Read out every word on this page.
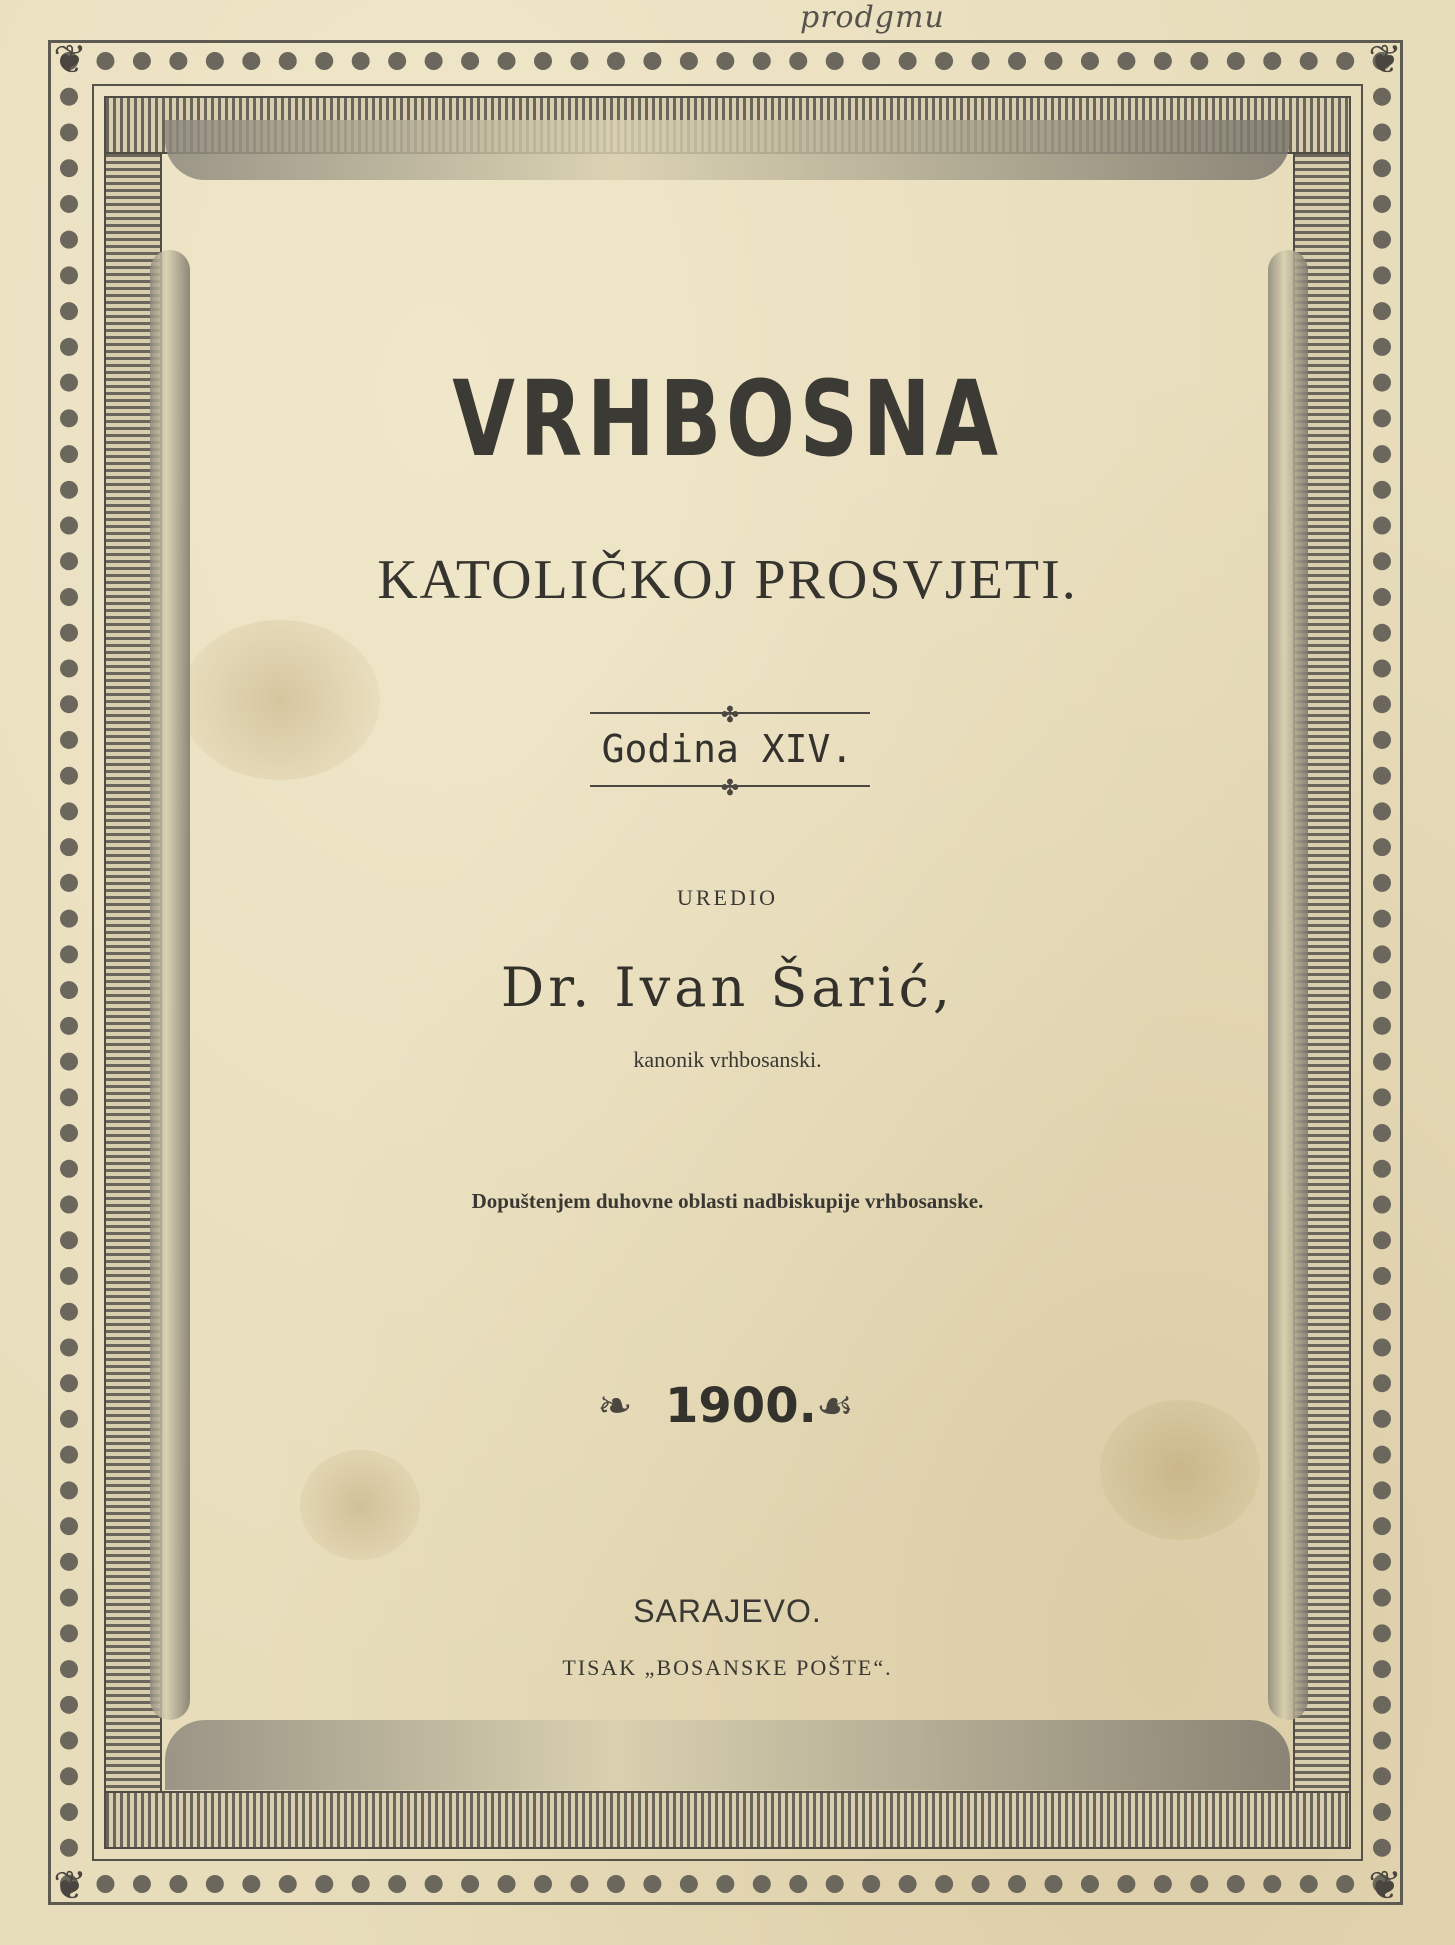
❦	❦
❦	❦
prodgmu
VRHBOSNA
KATOLIČKOJ PROSVJETI.
✤
Godina XIV.
✤
UREDIO
Dr. Ivan Šarić,
kanonik vrhbosanski.
Dopuštenjem duhovne oblasti nadbiskupije vrhbosanske.
❧ 1900. ☙
SARAJEVO.
TISAK „BOSANSKE POŠTE“.
